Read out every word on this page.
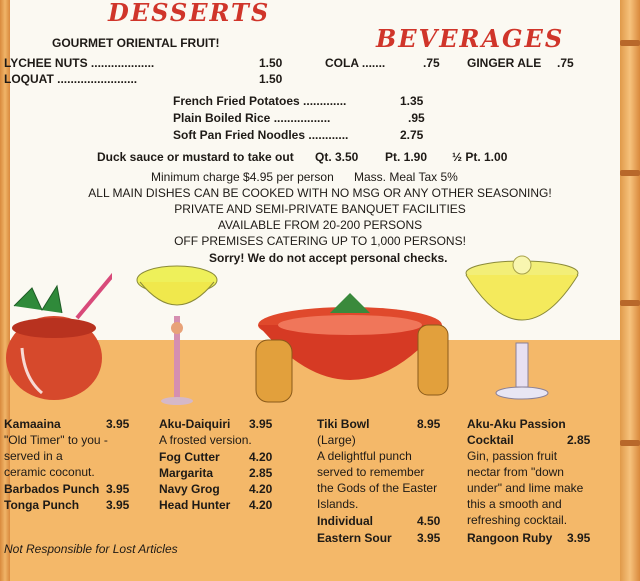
DESSERTS
GOURMET ORIENTAL FRUIT!
LYCHEE NUTS ...................	1.50
LOQUAT ........................	1.50
BEVERAGES
COLA .......	.75 GINGER ALE .75
French Fried Potatoes .............	1.35
Plain Boiled Rice .................	.95
Soft Pan Fried Noodles ............	2.75
Duck sauce or mustard to take out Qt. 3.50 Pt. 1.90 ½ Pt. 1.00
Minimum charge $4.95 per person Mass. Meal Tax 5%
ALL MAIN DISHES CAN BE COOKED WITH NO MSG OR ANY OTHER SEASONING!
PRIVATE AND SEMI-PRIVATE BANQUET FACILITIES
AVAILABLE FROM 20-200 PERSONS
OFF PREMISES CATERING UP TO 1,000 PERSONS!
Sorry! We do not accept personal checks.
Kamaaina	3.95
"Old Timer" to you -
served in a
ceramic coconut.
Barbados Punch 3.95
Tonga Punch 3.95
Aku-Daiquiri 3.95
A frosted version.
Fog Cutter 4.20
Margarita	2.85
Navy Grog 4.20
Head Hunter 4.20
Tiki Bowl	8.95
(Large)
A delightful punch
served to remember
the Gods of the Easter
Islands.
Individual	4.50
Eastern Sour 3.95
Aku-Aku Passion
Cocktail	2.85
Gin, passion fruit
nectar from "down
under" and lime make
this a smooth and
refreshing cocktail.
Rangoon Ruby 3.95
Not Responsible for Lost Articles
